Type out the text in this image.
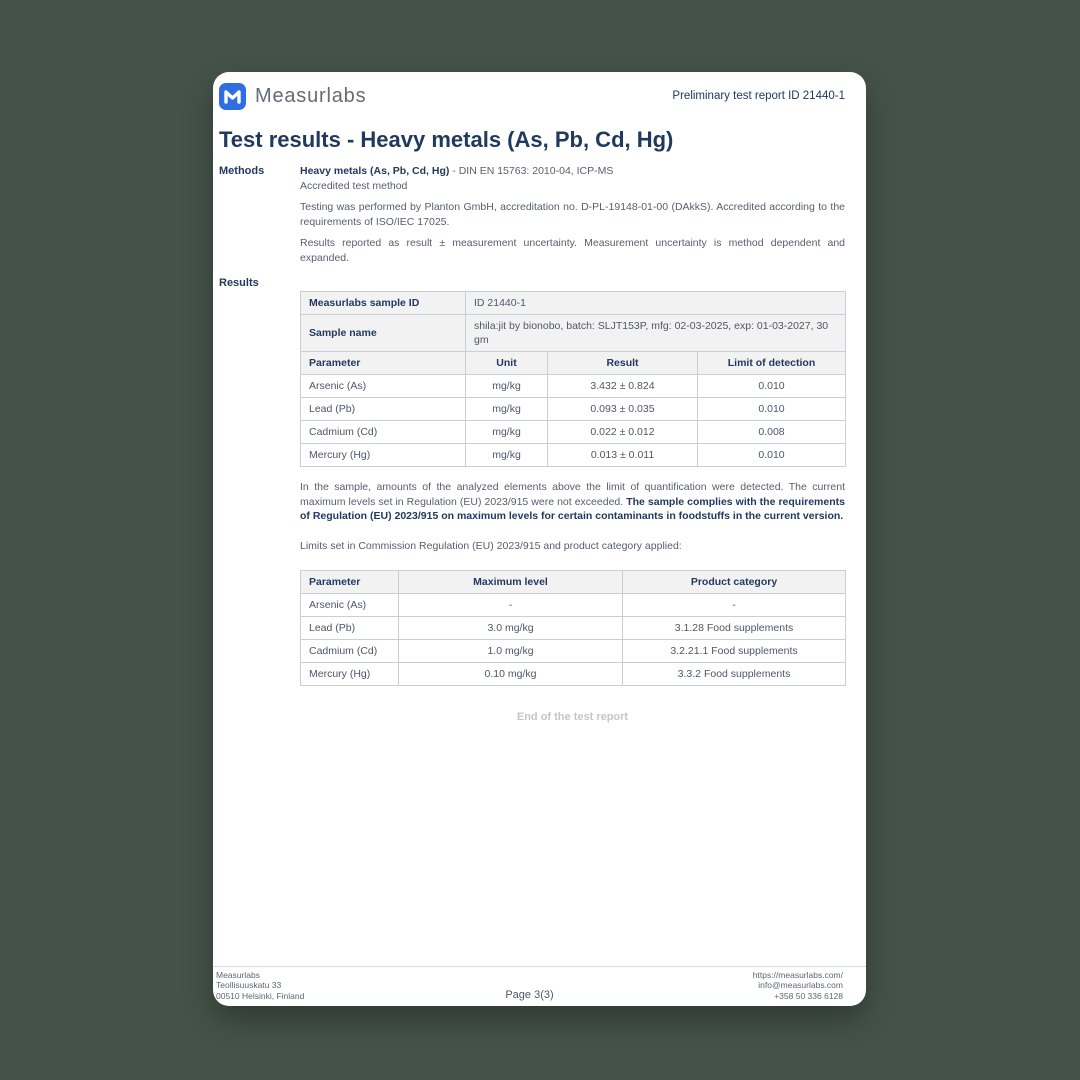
Measurlabs	Preliminary test report ID 21440-1
Test results - Heavy metals (As, Pb, Cd, Hg)
Methods	Heavy metals (As, Pb, Cd, Hg) - DIN EN 15763: 2010-04, ICP-MS
Accredited test method
Testing was performed by Planton GmbH, accreditation no. D-PL-19148-01-00 (DAkkS). Accredited according to the requirements of ISO/IEC 17025.
Results reported as result ± measurement uncertainty. Measurement uncertainty is method dependent and expanded.
Results
Measurlabs sample ID	ID 21440-1		
Sample name	shila:jit by bionobo, batch: SLJT153P, mfg: 02-03-2025, exp: 01-03-2027, 30 gm		
Parameter	Unit	Result	Limit of detection
Arsenic (As)	mg/kg	3.432 ± 0.824	0.010
Lead (Pb)	mg/kg	0.093 ± 0.035	0.010
Cadmium (Cd)	mg/kg	0.022 ± 0.012	0.008
Mercury (Hg)	mg/kg	0.013 ± 0.011	0.010
In the sample, amounts of the analyzed elements above the limit of quantification were detected. The current maximum levels set in Regulation (EU) 2023/915 were not exceeded. The sample complies with the requirements of Regulation (EU) 2023/915 on maximum levels for certain contaminants in foodstuffs in the current version.
Limits set in Commission Regulation (EU) 2023/915 and product category applied:
Parameter	Maximum level	Product category
Arsenic (As)	-	-
Lead (Pb)	3.0 mg/kg	3.1.28 Food supplements
Cadmium (Cd)	1.0 mg/kg	3.2.21.1 Food supplements
Mercury (Hg)	0.10 mg/kg	3.3.2 Food supplements
End of the test report
Measurlabs
Teollisuuskatu 33
00510 Helsinki, Finland	Page 3(3)
https://measurlabs.com/
info@measurlabs.com
+358 50 336 6128
